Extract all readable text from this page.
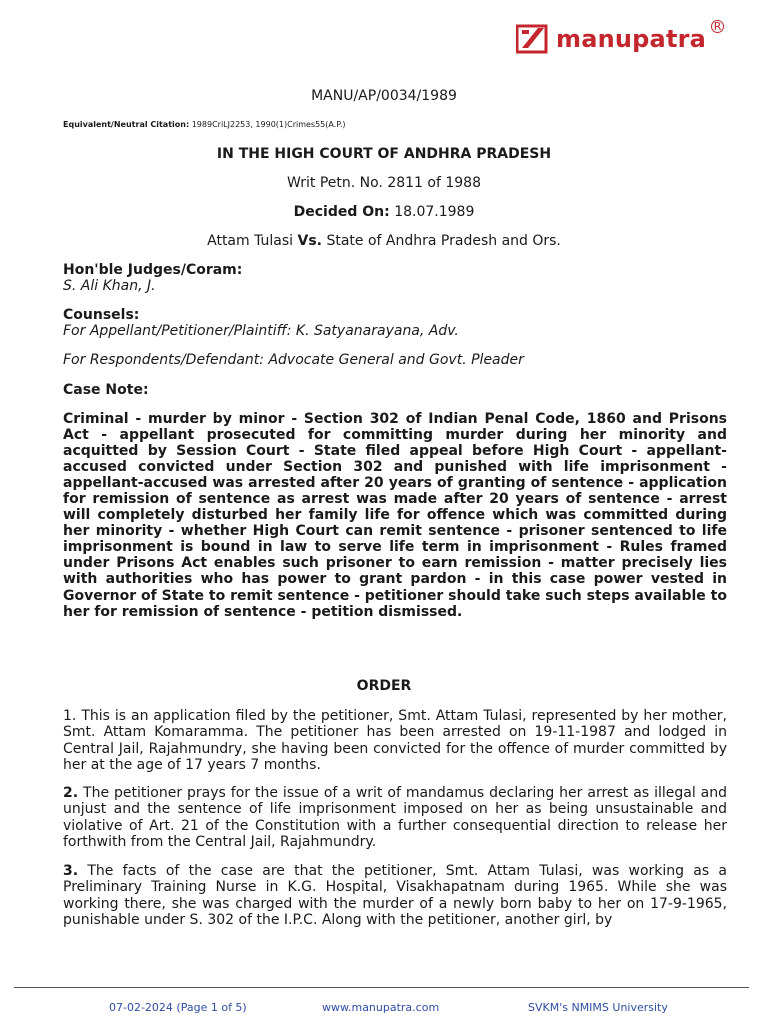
manupatra R
MANU/AP/0034/1989
Equivalent/Neutral Citation: 1989CriLJ2253, 1990(1)Crimes55(A.P.)
IN THE HIGH COURT OF ANDHRA PRADESH
Writ Petn. No. 2811 of 1988
Decided On: 18.07.1989
Attam Tulasi Vs. State of Andhra Pradesh and Ors.
Hon'ble Judges/Coram:
S. Ali Khan, J.
Counsels:
For Appellant/Petitioner/Plaintiff: K. Satyanarayana, Adv.
For Respondents/Defendant: Advocate General and Govt. Pleader
Case Note:
Criminal - murder by minor - Section 302 of Indian Penal Code, 1860 and Prisons Act - appellant prosecuted for committing murder during her minority and acquitted by Session Court - State filed appeal before High Court - appellant-accused convicted under Section 302 and punished with life imprisonment - appellant-accused was arrested after 20 years of granting of sentence - application for remission of sentence as arrest was made after 20 years of sentence - arrest will completely disturbed her family life for offence which was committed during her minority - whether High Court can remit sentence - prisoner sentenced to life imprisonment is bound in law to serve life term in imprisonment - Rules framed under Prisons Act enables such prisoner to earn remission - matter precisely lies with authorities who has power to grant pardon - in this case power vested in Governor of State to remit sentence - petitioner should take such steps available to her for remission of sentence - petition dismissed.
ORDER
1. This is an application filed by the petitioner, Smt. Attam Tulasi, represented by her mother, Smt. Attam Komaramma. The petitioner has been arrested on 19-11-1987 and lodged in Central Jail, Rajahmundry, she having been convicted for the offence of murder committed by her at the age of 17 years 7 months.
2. The petitioner prays for the issue of a writ of mandamus declaring her arrest as illegal and unjust and the sentence of life imprisonment imposed on her as being unsustainable and violative of Art. 21 of the Constitution with a further consequential direction to release her forthwith from the Central Jail, Rajahmundry.
3. The facts of the case are that the petitioner, Smt. Attam Tulasi, was working as a Preliminary Training Nurse in K.G. Hospital, Visakhapatnam during 1965. While she was working there, she was charged with the murder of a newly born baby to her on 17-9-1965, punishable under S. 302 of the I.P.C. Along with the petitioner, another girl, by
07-02-2024 (Page 1 of 5)	www.manupatra.com	SVKM's NMIMS University
